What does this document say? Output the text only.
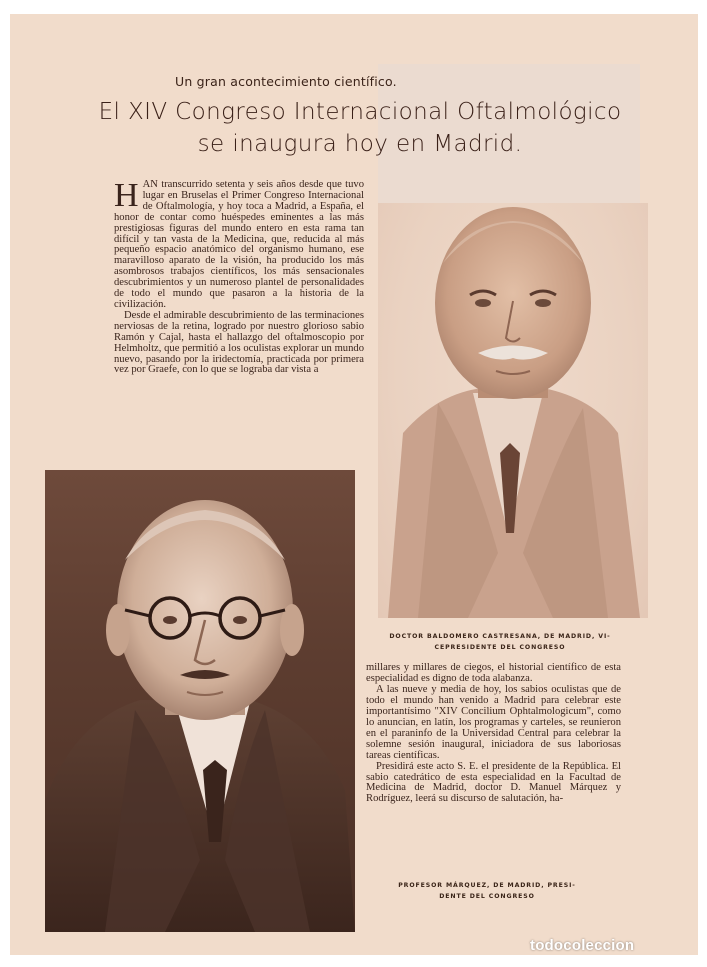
Un gran acontecimiento científico.
El XIV Congreso Internacional Oftalmológico
se inaugura hoy en Madrid.

HAN transcurrido setenta y seis años desde que tuvo lugar en Bruselas el Primer Congreso Internacional de Oftalmología, y hoy toca a Madrid, a España, el honor de contar como huéspedes eminentes a las más prestigiosas figuras del mundo entero en esta rama tan difícil y tan vasta de la Medicina, que, reducida al más pequeño espacio anatómico del organismo humano, ese maravilloso aparato de la visión, ha producido los más asombrosos trabajos científicos, los más sensacionales descubrimientos y un numeroso plantel de personalidades de todo el mundo que pasaron a la historia de la civilización.

Desde el admirable descubrimiento de las terminaciones nerviosas de la retina, logrado por nuestro glorioso sabio Ramón y Cajal, hasta el hallazgo del oftalmoscopio por Helmholtz, que permitió a los oculistas explorar un mundo nuevo, pasando por la iridectomía, practicada por primera vez por Graefe, con lo que se lograba dar vista a

DOCTOR BALDOMERO CASTRESANA, DE MADRID, VI-
CEPRESIDENTE DEL CONGRESO

millares y millares de ciegos, el historial científico de esta especialidad es digno de toda alabanza.

A las nueve y media de hoy, los sabios oculistas que de todo el mundo han venido a Madrid para celebrar este importantísimo "XIV Concilium Ophtalmologicum", como lo anuncian, en latín, los programas y carteles, se reunieron en el paraninfo de la Universidad Central para celebrar la solemne sesión inaugural, iniciadora de sus laboriosas tareas científicas.

Presidirá este acto S. E. el presidente de la República. El sabio catedrático de esta especialidad en la Facultad de Medicina de Madrid, doctor D. Manuel Márquez y Rodríguez, leerá su discurso de salutación, ha-

PROFESOR MÁRQUEZ, DE MADRID, PRESI-
DENTE DEL CONGRESO
todocoleccion
